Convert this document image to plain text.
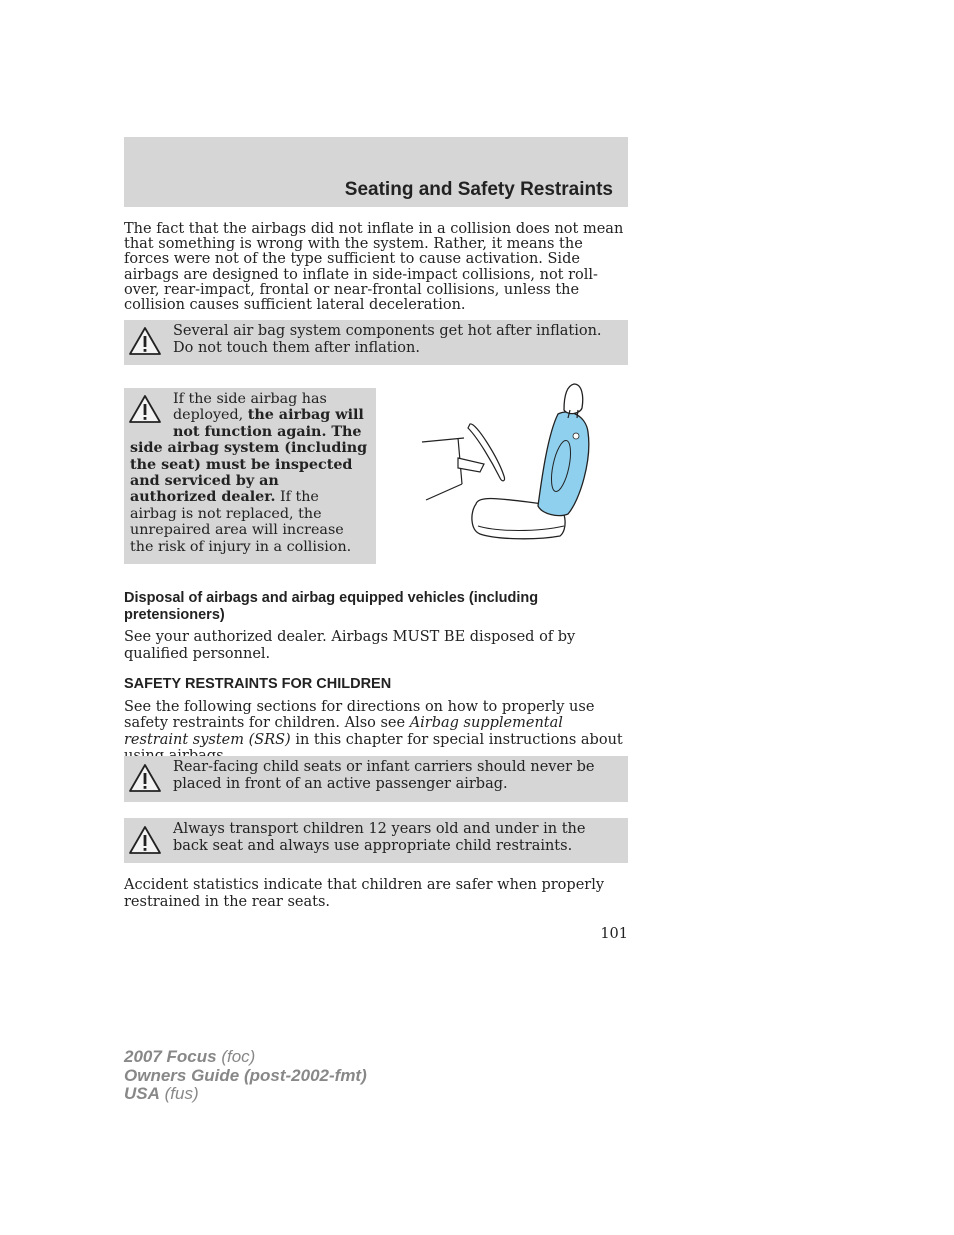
Seating and Safety Restraints
The fact that the airbags did not inflate in a collision does not mean that something is wrong with the system. Rather, it means the forces were not of the type sufficient to cause activation. Side airbags are designed to inflate in side-impact collisions, not roll-over, rear-impact, frontal or near-frontal collisions, unless the collision causes sufficient lateral deceleration.
Several air bag system components get hot after inflation. Do not touch them after inflation.
If the side airbag has deployed, the airbag will not function again. The side airbag system (including the seat) must be inspected and serviced by an authorized dealer. If the airbag is not replaced, the unrepaired area will increase the risk of injury in a collision.
Disposal of airbags and airbag equipped vehicles (including pretensioners)
See your authorized dealer. Airbags MUST BE disposed of by qualified personnel.
SAFETY RESTRAINTS FOR CHILDREN
See the following sections for directions on how to properly use safety restraints for children. Also see Airbag supplemental restraint system (SRS) in this chapter for special instructions about
Rear-facing child seats or infant carriers should never be placed in front of an active passenger airbag.
Always transport children 12 years old and under in the back seat and always use appropriate child restraints.
Accident statistics indicate that children are safer when properly restrained in the rear seats.
101
2007 Focus (foc)
Owners Guide (post-2002-fmt)
USA (fus)
